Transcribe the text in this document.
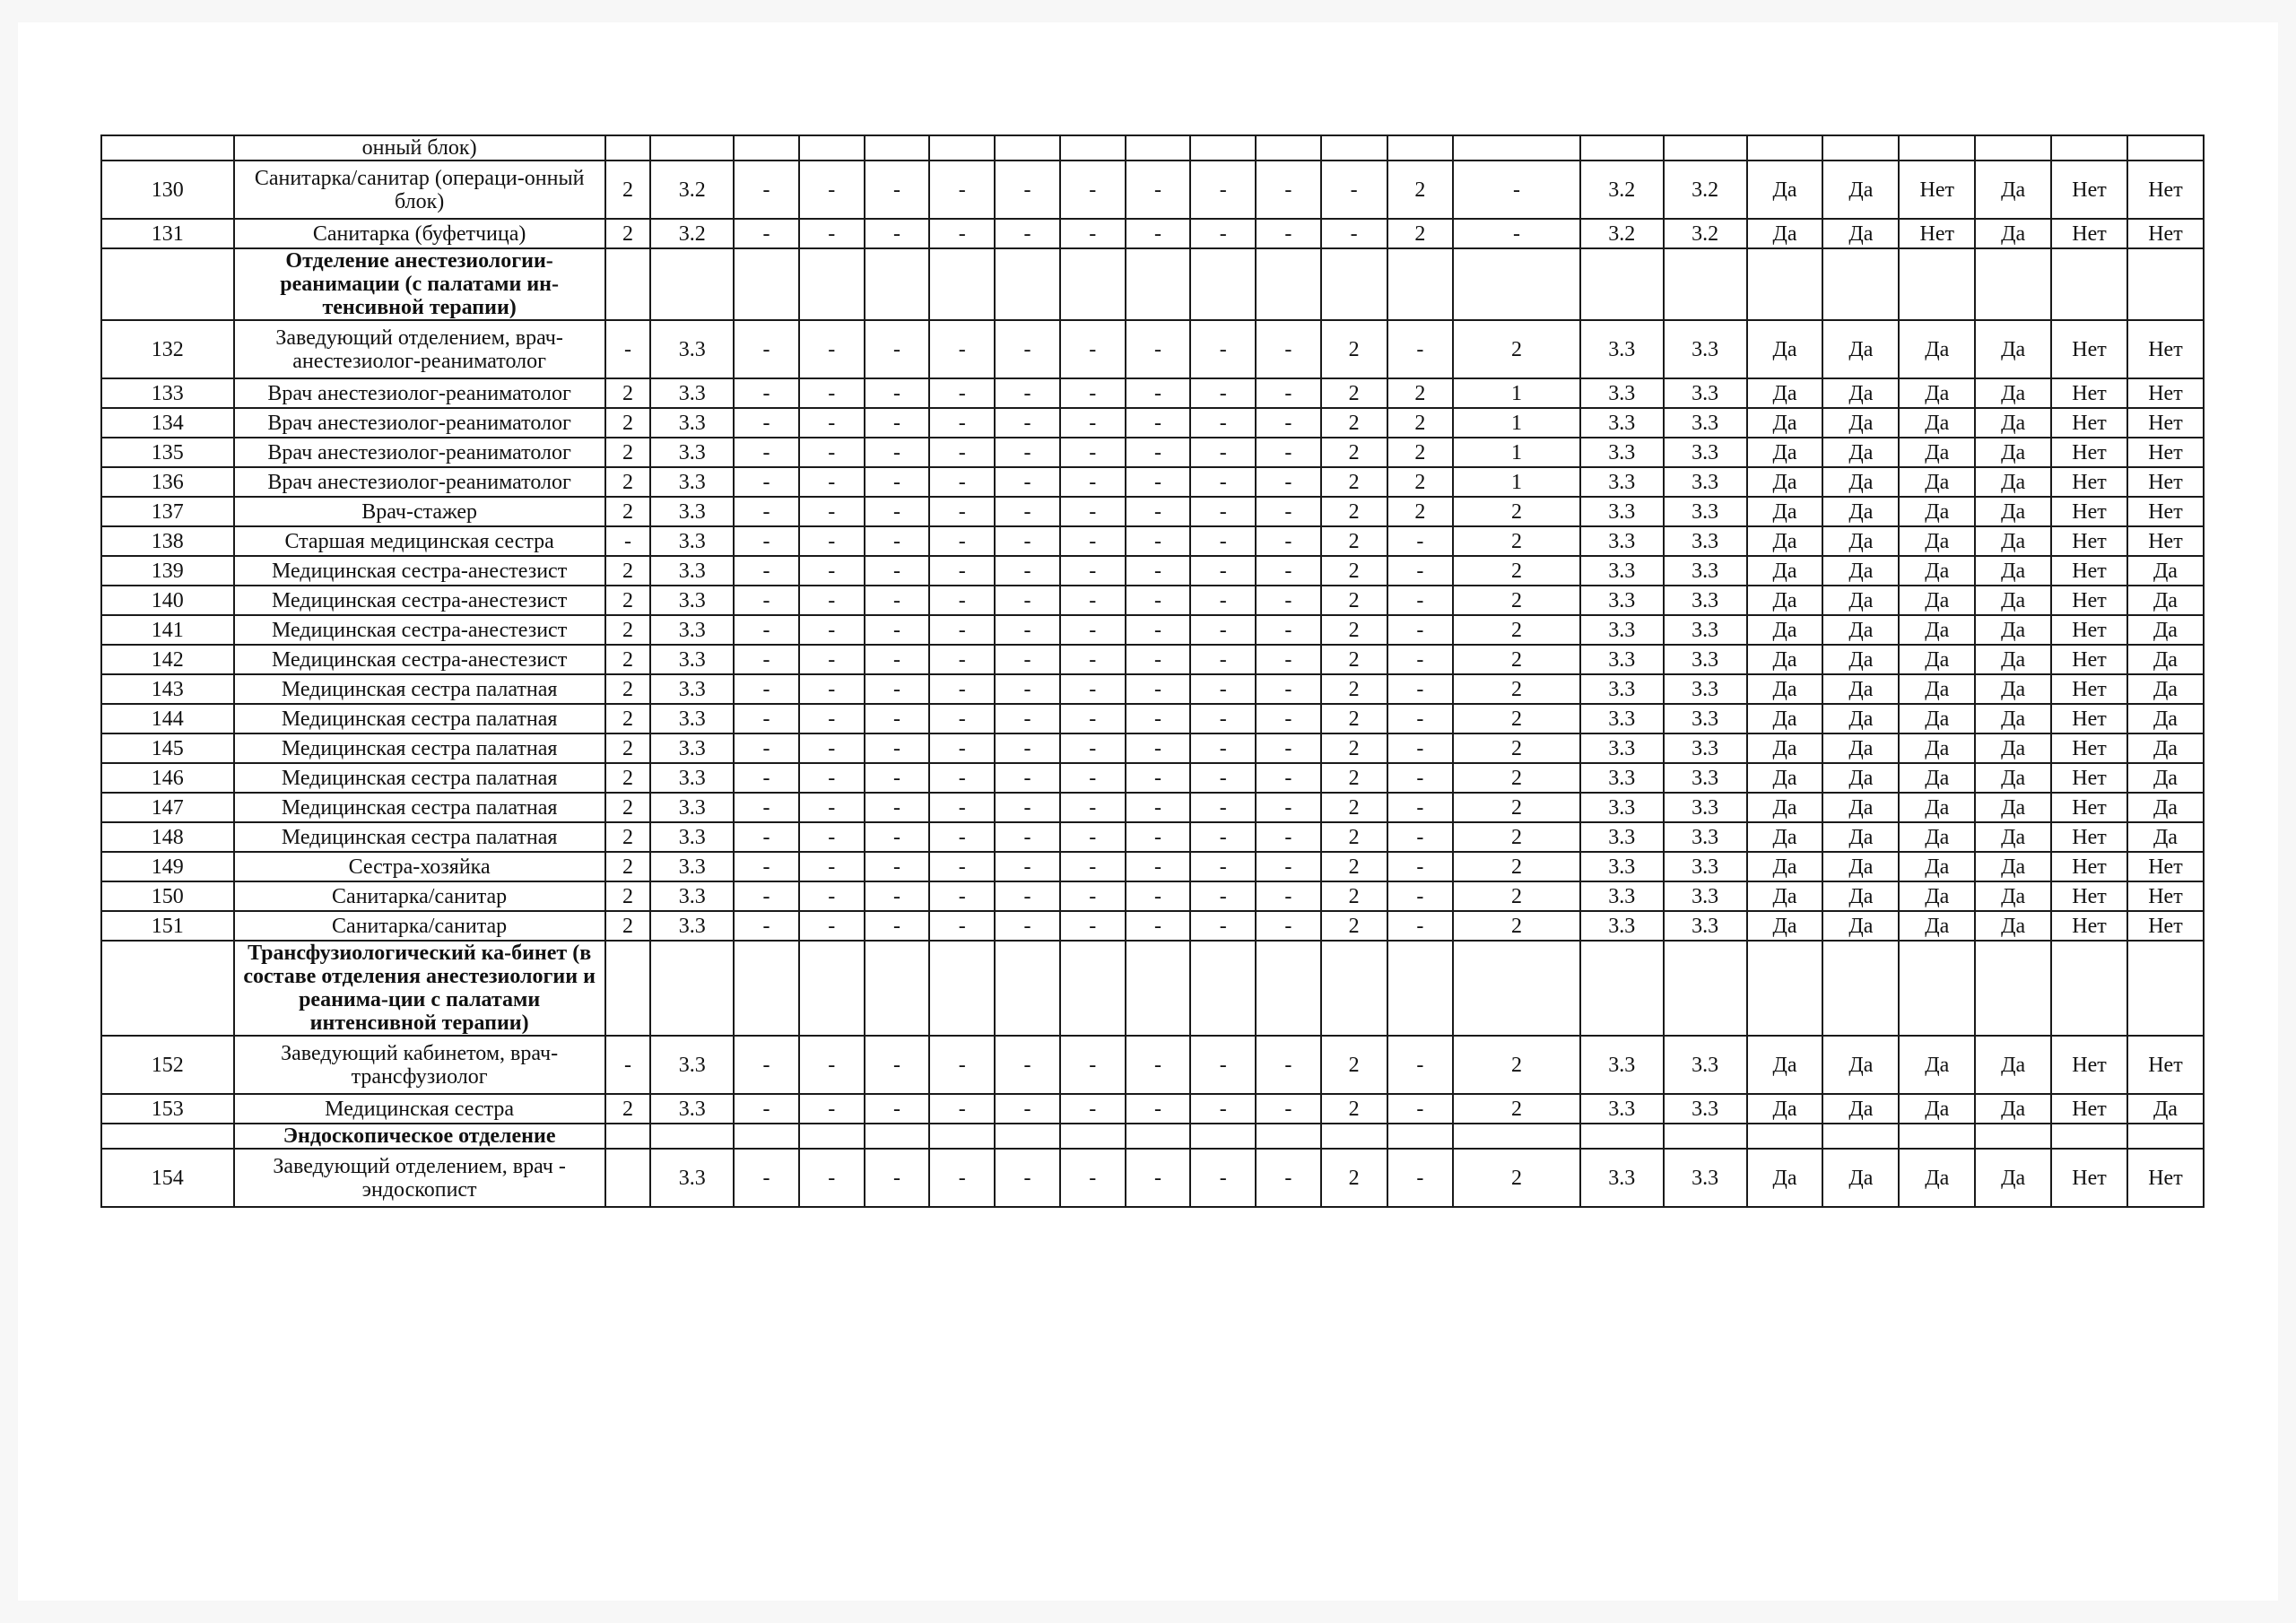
	онный блок)																						
130	Санитарка/санитар (операци-онный блок)	2	3.2	-	-	-	-	-	-	-	-	-	-	2	-	3.2	3.2	Да	Да	Нет	Да	Нет	Нет
131	Санитарка (буфетчица)	2	3.2	-	-	-	-	-	-	-	-	-	-	2	-	3.2	3.2	Да	Да	Нет	Да	Нет	Нет
	Отделение анестезиологии-реанимации (с палатами ин-тенсивной терапии)																						
132	Заведующий отделением, врач-анестезиолог-реаниматолог	-	3.3	-	-	-	-	-	-	-	-	-	2	-	2	3.3	3.3	Да	Да	Да	Да	Нет	Нет
133	Врач анестезиолог-реаниматолог	2	3.3	-	-	-	-	-	-	-	-	-	2	2	1	3.3	3.3	Да	Да	Да	Да	Нет	Нет
134	Врач анестезиолог-реаниматолог	2	3.3	-	-	-	-	-	-	-	-	-	2	2	1	3.3	3.3	Да	Да	Да	Да	Нет	Нет
135	Врач анестезиолог-реаниматолог	2	3.3	-	-	-	-	-	-	-	-	-	2	2	1	3.3	3.3	Да	Да	Да	Да	Нет	Нет
136	Врач анестезиолог-реаниматолог	2	3.3	-	-	-	-	-	-	-	-	-	2	2	1	3.3	3.3	Да	Да	Да	Да	Нет	Нет
137	Врач-стажер	2	3.3	-	-	-	-	-	-	-	-	-	2	2	2	3.3	3.3	Да	Да	Да	Да	Нет	Нет
138	Старшая медицинская сестра	-	3.3	-	-	-	-	-	-	-	-	-	2	-	2	3.3	3.3	Да	Да	Да	Да	Нет	Нет
139	Медицинская сестра-анестезист	2	3.3	-	-	-	-	-	-	-	-	-	2	-	2	3.3	3.3	Да	Да	Да	Да	Нет	Да
140	Медицинская сестра-анестезист	2	3.3	-	-	-	-	-	-	-	-	-	2	-	2	3.3	3.3	Да	Да	Да	Да	Нет	Да
141	Медицинская сестра-анестезист	2	3.3	-	-	-	-	-	-	-	-	-	2	-	2	3.3	3.3	Да	Да	Да	Да	Нет	Да
142	Медицинская сестра-анестезист	2	3.3	-	-	-	-	-	-	-	-	-	2	-	2	3.3	3.3	Да	Да	Да	Да	Нет	Да
143	Медицинская сестра палатная	2	3.3	-	-	-	-	-	-	-	-	-	2	-	2	3.3	3.3	Да	Да	Да	Да	Нет	Да
144	Медицинская сестра палатная	2	3.3	-	-	-	-	-	-	-	-	-	2	-	2	3.3	3.3	Да	Да	Да	Да	Нет	Да
145	Медицинская сестра палатная	2	3.3	-	-	-	-	-	-	-	-	-	2	-	2	3.3	3.3	Да	Да	Да	Да	Нет	Да
146	Медицинская сестра палатная	2	3.3	-	-	-	-	-	-	-	-	-	2	-	2	3.3	3.3	Да	Да	Да	Да	Нет	Да
147	Медицинская сестра палатная	2	3.3	-	-	-	-	-	-	-	-	-	2	-	2	3.3	3.3	Да	Да	Да	Да	Нет	Да
148	Медицинская сестра палатная	2	3.3	-	-	-	-	-	-	-	-	-	2	-	2	3.3	3.3	Да	Да	Да	Да	Нет	Да
149	Сестра-хозяйка	2	3.3	-	-	-	-	-	-	-	-	-	2	-	2	3.3	3.3	Да	Да	Да	Да	Нет	Нет
150	Санитарка/санитар	2	3.3	-	-	-	-	-	-	-	-	-	2	-	2	3.3	3.3	Да	Да	Да	Да	Нет	Нет
151	Санитарка/санитар	2	3.3	-	-	-	-	-	-	-	-	-	2	-	2	3.3	3.3	Да	Да	Да	Да	Нет	Нет
	Трансфузиологический ка-бинет (в составе отделения анестезиологии и реанима-ции с палатами интенсивной терапии)																						
152	Заведующий кабинетом, врач-трансфузиолог	-	3.3	-	-	-	-	-	-	-	-	-	2	-	2	3.3	3.3	Да	Да	Да	Да	Нет	Нет
153	Медицинская сестра	2	3.3	-	-	-	-	-	-	-	-	-	2	-	2	3.3	3.3	Да	Да	Да	Да	Нет	Да
	Эндоскопическое отделение																						
154	Заведующий отделением, врач - эндоскопист		3.3	-	-	-	-	-	-	-	-	-	2	-	2	3.3	3.3	Да	Да	Да	Да	Нет	Нет
